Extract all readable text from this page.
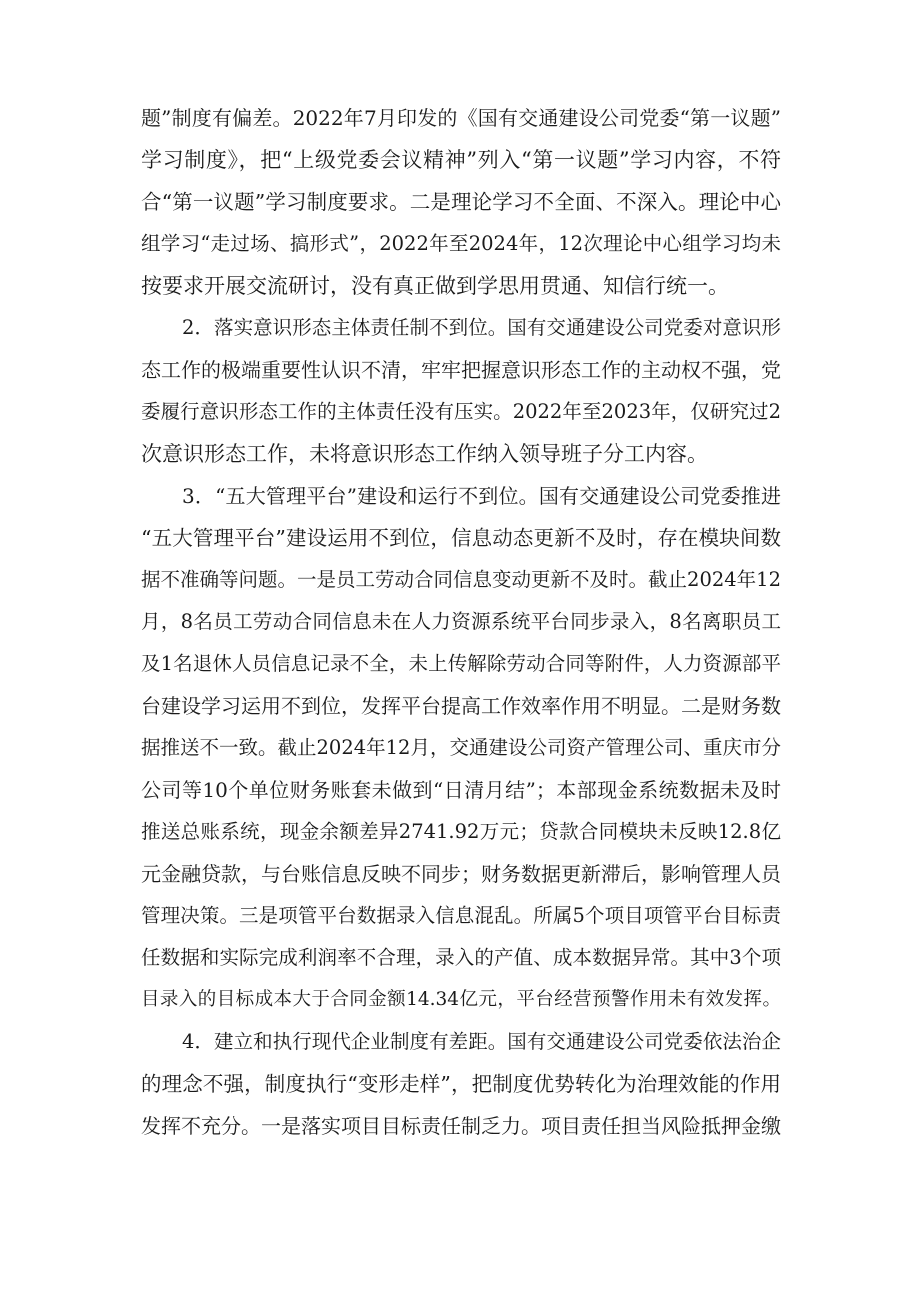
题”制度有偏差。2022年7月印发的《国有交通建设公司党委“第一议题”
学习制度》，把“上级党委会议精神”列入“第一议题”学习内容，不符
合“第一议题”学习制度要求。二是理论学习不全面、不深入。理论中心
组学习“走过场、搞形式”，2022年至2024年，12次理论中心组学习均未
按要求开展交流研讨，没有真正做到学思用贯通、知信行统一。
2．落实意识形态主体责任制不到位。国有交通建设公司党委对意识形
态工作的极端重要性认识不清，牢牢把握意识形态工作的主动权不强，党
委履行意识形态工作的主体责任没有压实。2022年至2023年，仅研究过2
次意识形态工作，未将意识形态工作纳入领导班子分工内容。
3．“五大管理平台”建设和运行不到位。国有交通建设公司党委推进
“五大管理平台”建设运用不到位，信息动态更新不及时，存在模块间数
据不准确等问题。一是员工劳动合同信息变动更新不及时。截止2024年12
月，8名员工劳动合同信息未在人力资源系统平台同步录入，8名离职员工
及1名退休人员信息记录不全，未上传解除劳动合同等附件，人力资源部平
台建设学习运用不到位，发挥平台提高工作效率作用不明显。二是财务数
据推送不一致。截止2024年12月，交通建设公司资产管理公司、重庆市分
公司等10个单位财务账套未做到“日清月结”；本部现金系统数据未及时
推送总账系统，现金余额差异2741.92万元；贷款合同模块未反映12.8亿
元金融贷款，与台账信息反映不同步；财务数据更新滞后，影响管理人员
管理决策。三是项管平台数据录入信息混乱。所属5个项目项管平台目标责
任数据和实际完成利润率不合理，录入的产值、成本数据异常。其中3个项
目录入的目标成本大于合同金额14.34亿元，平台经营预警作用未有效发挥。
4．建立和执行现代企业制度有差距。国有交通建设公司党委依法治企
的理念不强，制度执行“变形走样”，把制度优势转化为治理效能的作用
发挥不充分。一是落实项目目标责任制乏力。项目责任担当风险抵押金缴
